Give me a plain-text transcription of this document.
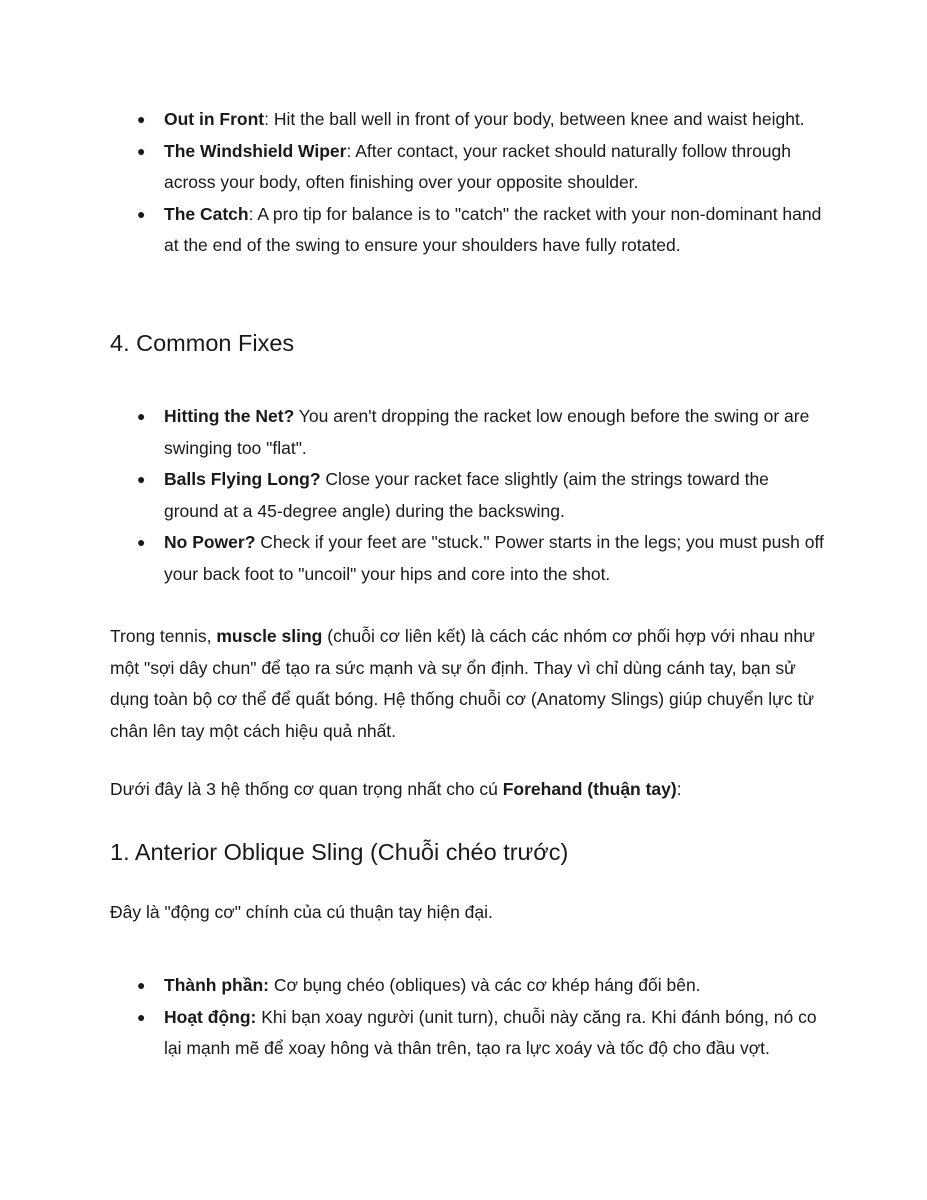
● Out in Front: Hit the ball well in front of your body, between knee and waist height.
● The Windshield Wiper: After contact, your racket should naturally follow through across your body, often finishing over your opposite shoulder.
● The Catch: A pro tip for balance is to "catch" the racket with your non-dominant hand at the end of the swing to ensure your shoulders have fully rotated.
4. Common Fixes
● Hitting the Net? You aren't dropping the racket low enough before the swing or are swinging too "flat".
● Balls Flying Long? Close your racket face slightly (aim the strings toward the ground at a 45-degree angle) during the backswing.
● No Power? Check if your feet are "stuck." Power starts in the legs; you must push off your back foot to "uncoil" your hips and core into the shot.

Trong tennis, muscle sling (chuỗi cơ liên kết) là cách các nhóm cơ phối hợp với nhau như một "sợi dây chun" để tạo ra sức mạnh và sự ổn định. Thay vì chỉ dùng cánh tay, bạn sử dụng toàn bộ cơ thể để quất bóng. Hệ thống chuỗi cơ (Anatomy Slings) giúp chuyển lực từ chân lên tay một cách hiệu quả nhất.

Dưới đây là 3 hệ thống cơ quan trọng nhất cho cú Forehand (thuận tay):

1. Anterior Oblique Sling (Chuỗi chéo trước)

Đây là "động cơ" chính của cú thuận tay hiện đại.

● Thành phần: Cơ bụng chéo (obliques) và các cơ khép háng đối bên.
● Hoạt động: Khi bạn xoay người (unit turn), chuỗi này căng ra. Khi đánh bóng, nó co lại mạnh mẽ để xoay hông và thân trên, tạo ra lực xoáy và tốc độ cho đầu vợt.
